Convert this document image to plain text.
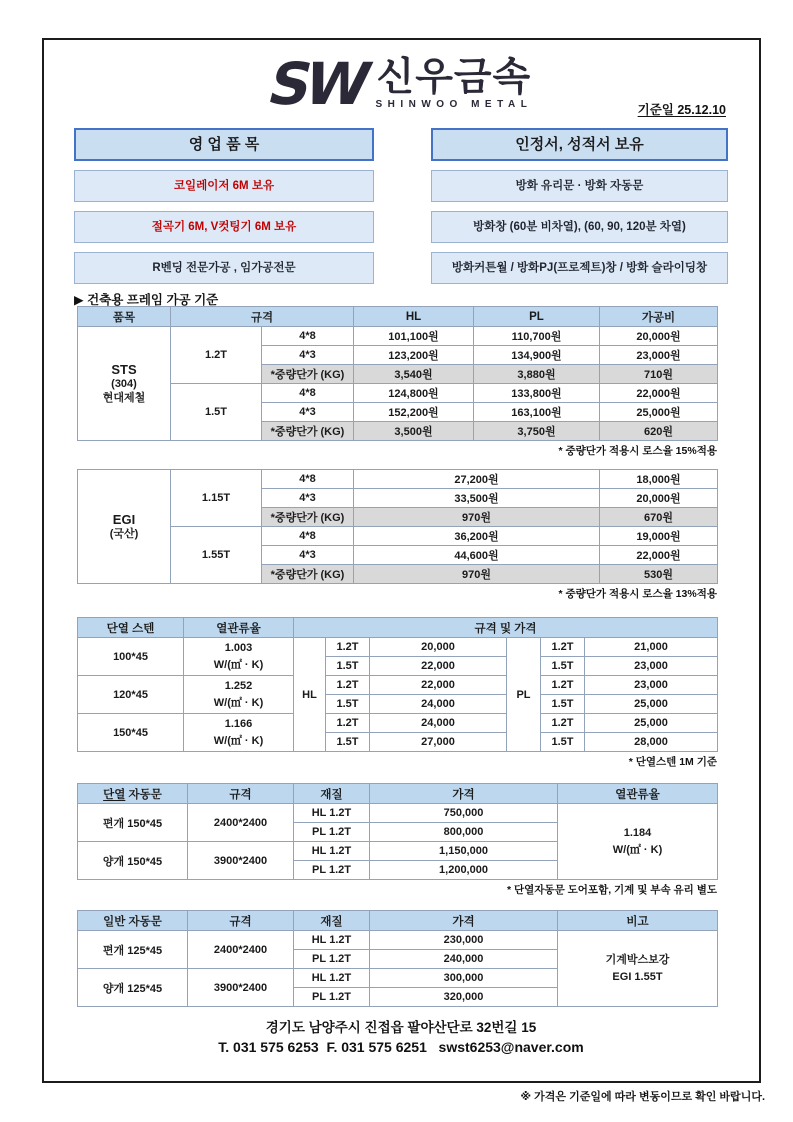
SW 신우금속
SHINWOO METAL	기준일 25.12.10
영 업 품 목
코일레이저 6M 보유
절곡기 6M, V컷팅기 6M 보유
R벤딩 전문가공 , 임가공전문
인정서, 성적서 보유
방화 유리문 · 방화 자동문
방화창 (60분 비차열), (60, 90, 120분 차열)
방화커튼월 / 방화PJ(프로젝트)창 / 방화 슬라이딩창
▶ 건축용 프레임 가공 기준
품목	규격		HL	PL	가공비

STS
(304)
현대제철	1.2T	4*8	101,100원	110,700원	20,000원
		4*3	123,200원	134,900원	23,000원
		*중량단가 (KG)	3,540원	3,880원	710원
	1.5T	4*8	124,800원	133,800원	22,000원
		4*3	152,200원	163,100원	25,000원
		*중량단가 (KG)	3,500원	3,750원	620원
* 중량단가 적용시 로스율 15%적용
EGI
(국산)	1.15T	4*8	27,200원	18,000원
		4*3	33,500원	20,000원
		*중량단가 (KG)	970원	670원
	1.55T	4*8	36,200원	19,000원
		4*3	44,600원	22,000원
		*중량단가 (KG)	970원	530원
* 중량단가 적용시 로스율 13%적용
단열 스텐	열관류율	규격 및 가격					
100*45	1.003
W/(㎡ · K)	HL	1.2T	20,000	PL	1.2T	21,000
			1.5T	22,000		1.5T	23,000
120*45	1.252
W/(㎡ · K)		1.2T	22,000		1.2T	23,000
			1.5T	24,000		1.5T	25,000
150*45	1.166
W/(㎡ · K)		1.2T	24,000		1.2T	25,000
			1.5T	27,000		1.5T	28,000
* 단열스텐 1M 기준
단열 자동문	규격	재질	가격	열관류율
편개 150*45	2400*2400	HL 1.2T	750,000	1.184
W/(㎡ · K)

		PL 1.2T	800,000	
양개 150*45	3900*2400	HL 1.2T	1,150,000	
		PL 1.2T	1,200,000	
* 단열자동문 도어포함, 기계 및 부속 유리 별도
일반 자동문	규격	재질	가격	비고
편개 125*45	2400*2400	HL 1.2T	230,000	기계박스보강
EGI 1.55T

		PL 1.2T	240,000	
양개 125*45	3900*2400	HL 1.2T	300,000	
		PL 1.2T	320,000	
경기도 남양주시 진접읍 팔야산단로 32번길 15
T. 031 575 6253  F. 031 575 6251   swst6253@naver.com
※ 가격은 기준일에 따라 변동이므로 확인 바랍니다.
